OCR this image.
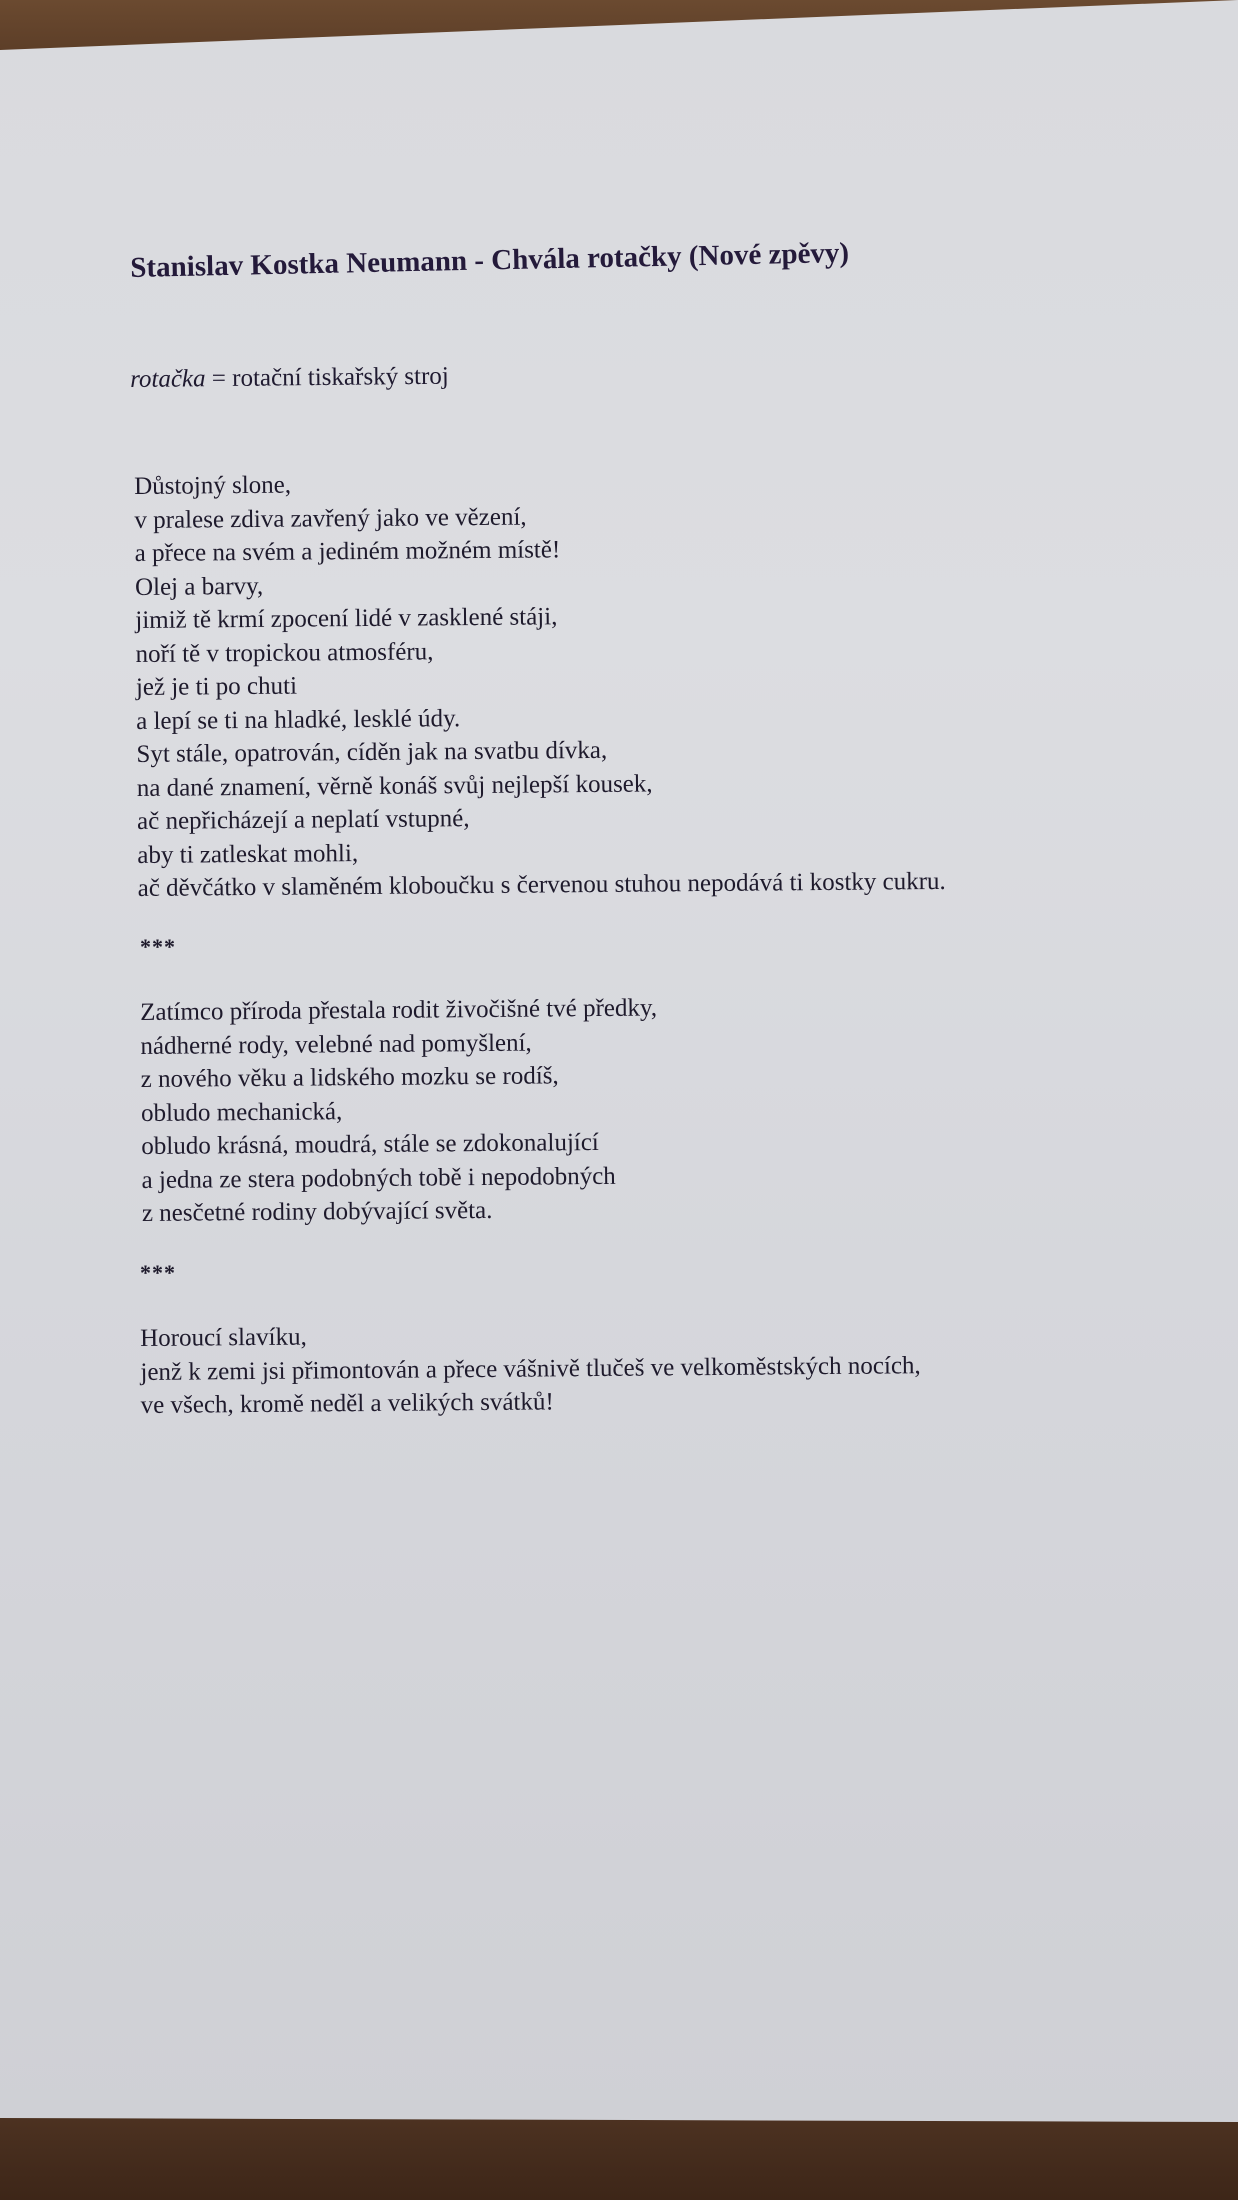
Stanislav Kostka Neumann - Chvála rotačky (Nové zpěvy)
rotačka = rotační tiskařský stroj
Důstojný slone,
v pralese zdiva zavřený jako ve vězení,
a přece na svém a jediném možném místě!
Olej a barvy,
jimiž tě krmí zpocení lidé v zasklené stáji,
noří tě v tropickou atmosféru,
jež je ti po chuti
a lepí se ti na hladké, lesklé údy.
Syt stále, opatrován, cíděn jak na svatbu dívka,
na dané znamení, věrně konáš svůj nejlepší kousek,
ač nepřicházejí a neplatí vstupné,
aby ti zatleskat mohli,
ač děvčátko v slaměném kloboučku s červenou stuhou nepodává ti kostky cukru.
***
Zatímco příroda přestala rodit živočišné tvé předky,
nádherné rody, velebné nad pomyšlení,
z nového věku a lidského mozku se rodíš,
obludo mechanická,
obludo krásná, moudrá, stále se zdokonalující
a jedna ze stera podobných tobě i nepodobných
z nesčetné rodiny dobývající světa.
***
Horoucí slavíku,
jenž k zemi jsi přimontován a přece vášnivě tlučeš ve velkoměstských nocích,
ve všech, kromě neděl a velikých svátků!
